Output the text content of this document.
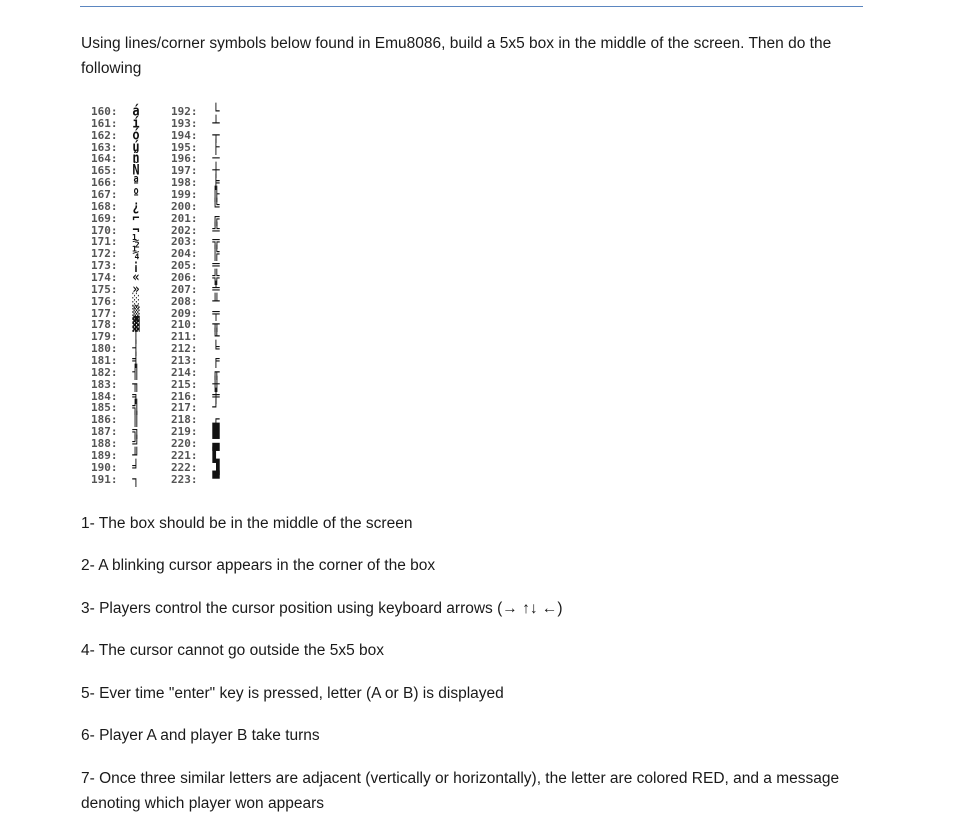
Using lines/corner symbols below found in Emu8086, build a 5x5 box in the middle of the screen. Then do the following

160: á
161: í
162: ó
163: ú
164: ñ
165: Ñ
166: ª
167: º
168: ¿
169: ⌐
170: ¬
171: ½
172: ¼
173: ¡
174: «
175: »
176: ░
177: ▒
178: ▓
179: │
180: ┤
181: ╡
182: ╢
183: ╖
184: ╕
185: ╣
186: ║
187: ╗
188: ╝
189: ╜
190: ╛
191: ┐
192: └
193: ┴
194: ┬
195: ├
196: ─
197: ┼
198: ╞
199: ╟
200: ╚
201: ╔
202: ╩
203: ╦
204: ╠
205: ═
206: ╬
207: ╧
208: ╨
209: ╤
210: ╥
211: ╙
212: ╘
213: ╒
214: ╓
215: ╫
216: ╪
217: ┘
218: ┌
219: █
220: ▄
221: ▌
222: ▐
223: ▀

1- The box should be in the middle of the screen

2- A blinking cursor appears in the corner of the box

3- Players control the cursor position using keyboard arrows (→ ↑↓ ←)

4- The cursor cannot go outside the 5x5 box

5- Ever time "enter" key is pressed, letter (A or B) is displayed

6- Player A and player B take turns

7- Once three similar letters are adjacent (vertically or horizontally), the letter are colored RED, and a message denoting which player won appears
